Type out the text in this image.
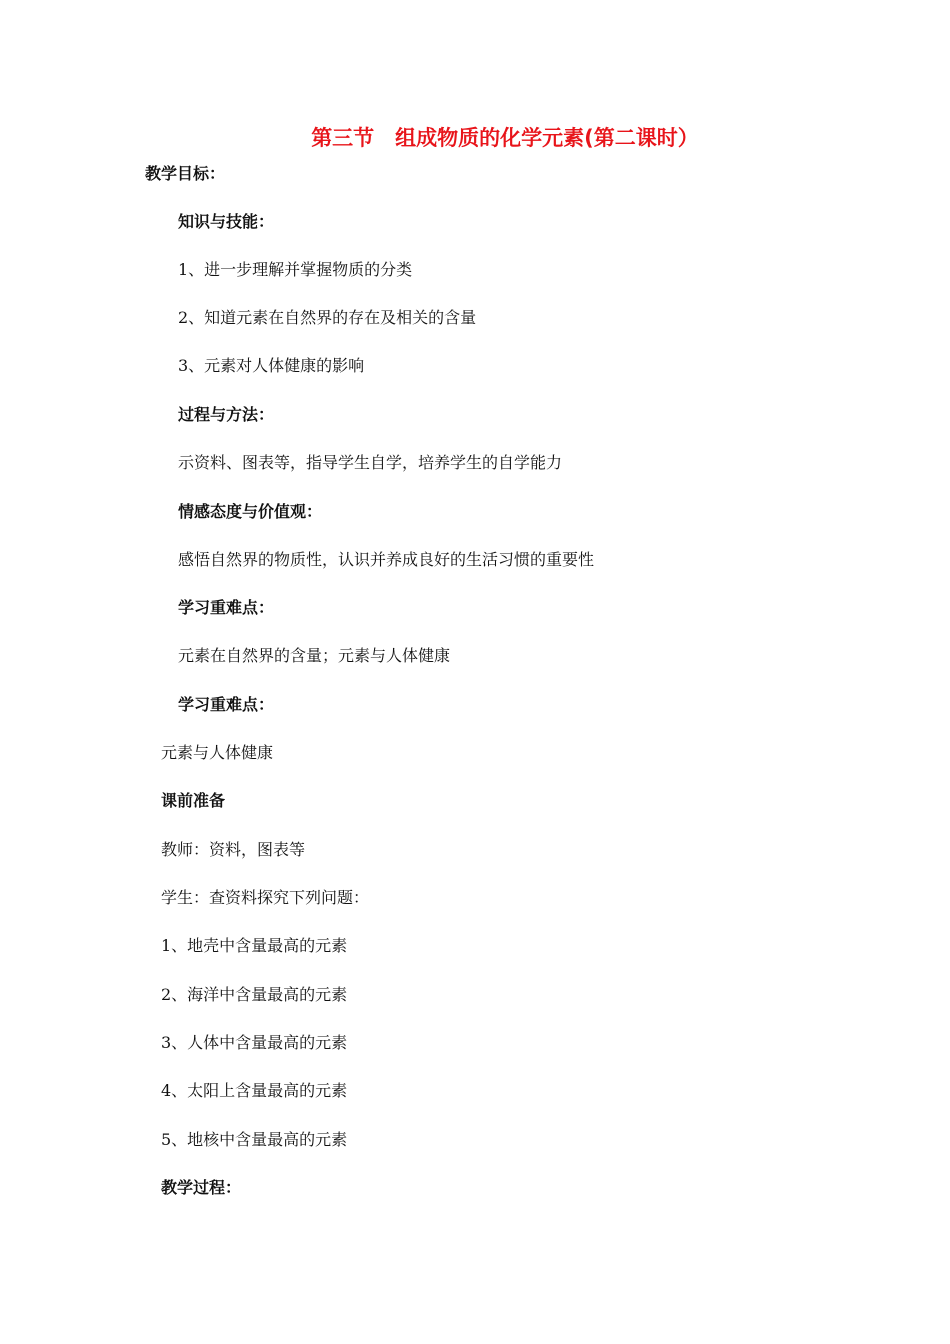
第三节　组成物质的化学元素(第二课时）
教学目标：
知识与技能：
1、进一步理解并掌握物质的分类
2、知道元素在自然界的存在及相关的含量
3、元素对人体健康的影响
过程与方法：
示资料、图表等，指导学生自学，培养学生的自学能力
情感态度与价值观：
感悟自然界的物质性，认识并养成良好的生活习惯的重要性
学习重难点：
元素在自然界的含量；元素与人体健康
学习重难点：
元素与人体健康
课前准备
教师：资料，图表等
学生：查资料探究下列问题：
1、地壳中含量最高的元素
2、海洋中含量最高的元素
3、人体中含量最高的元素
4、太阳上含量最高的元素
5、地核中含量最高的元素
教学过程：
